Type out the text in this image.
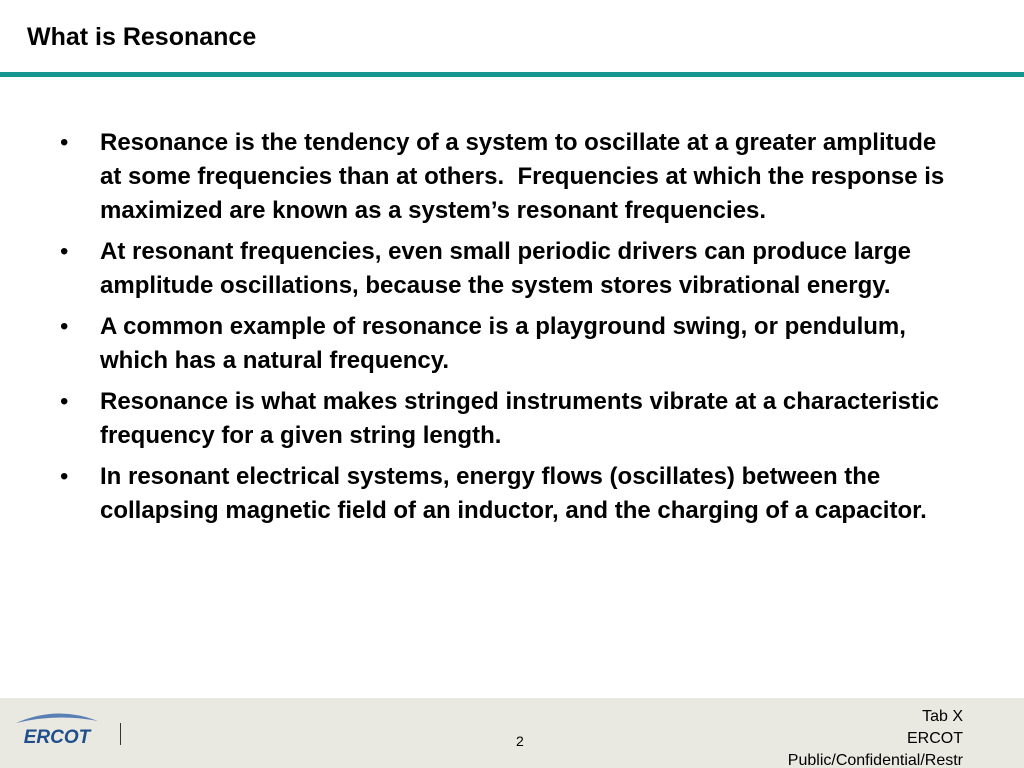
What is Resonance
• Resonance is the tendency of a system to oscillate at a greater amplitude at some frequencies than at others.  Frequencies at which the response is maximized are known as a system’s resonant frequencies.
• At resonant frequencies, even small periodic drivers can produce large amplitude oscillations, because the system stores vibrational energy.
• A common example of resonance is a playground swing, or pendulum, which has a natural frequency.
• Resonance is what makes stringed instruments vibrate at a characteristic frequency for a given string length.
• In resonant electrical systems, energy flows (oscillates) between the collapsing magnetic field of an inductor, and the charging of a capacitor.
ERCOT	2
Tab X
ERCOT
Public/Confidential/Restr
